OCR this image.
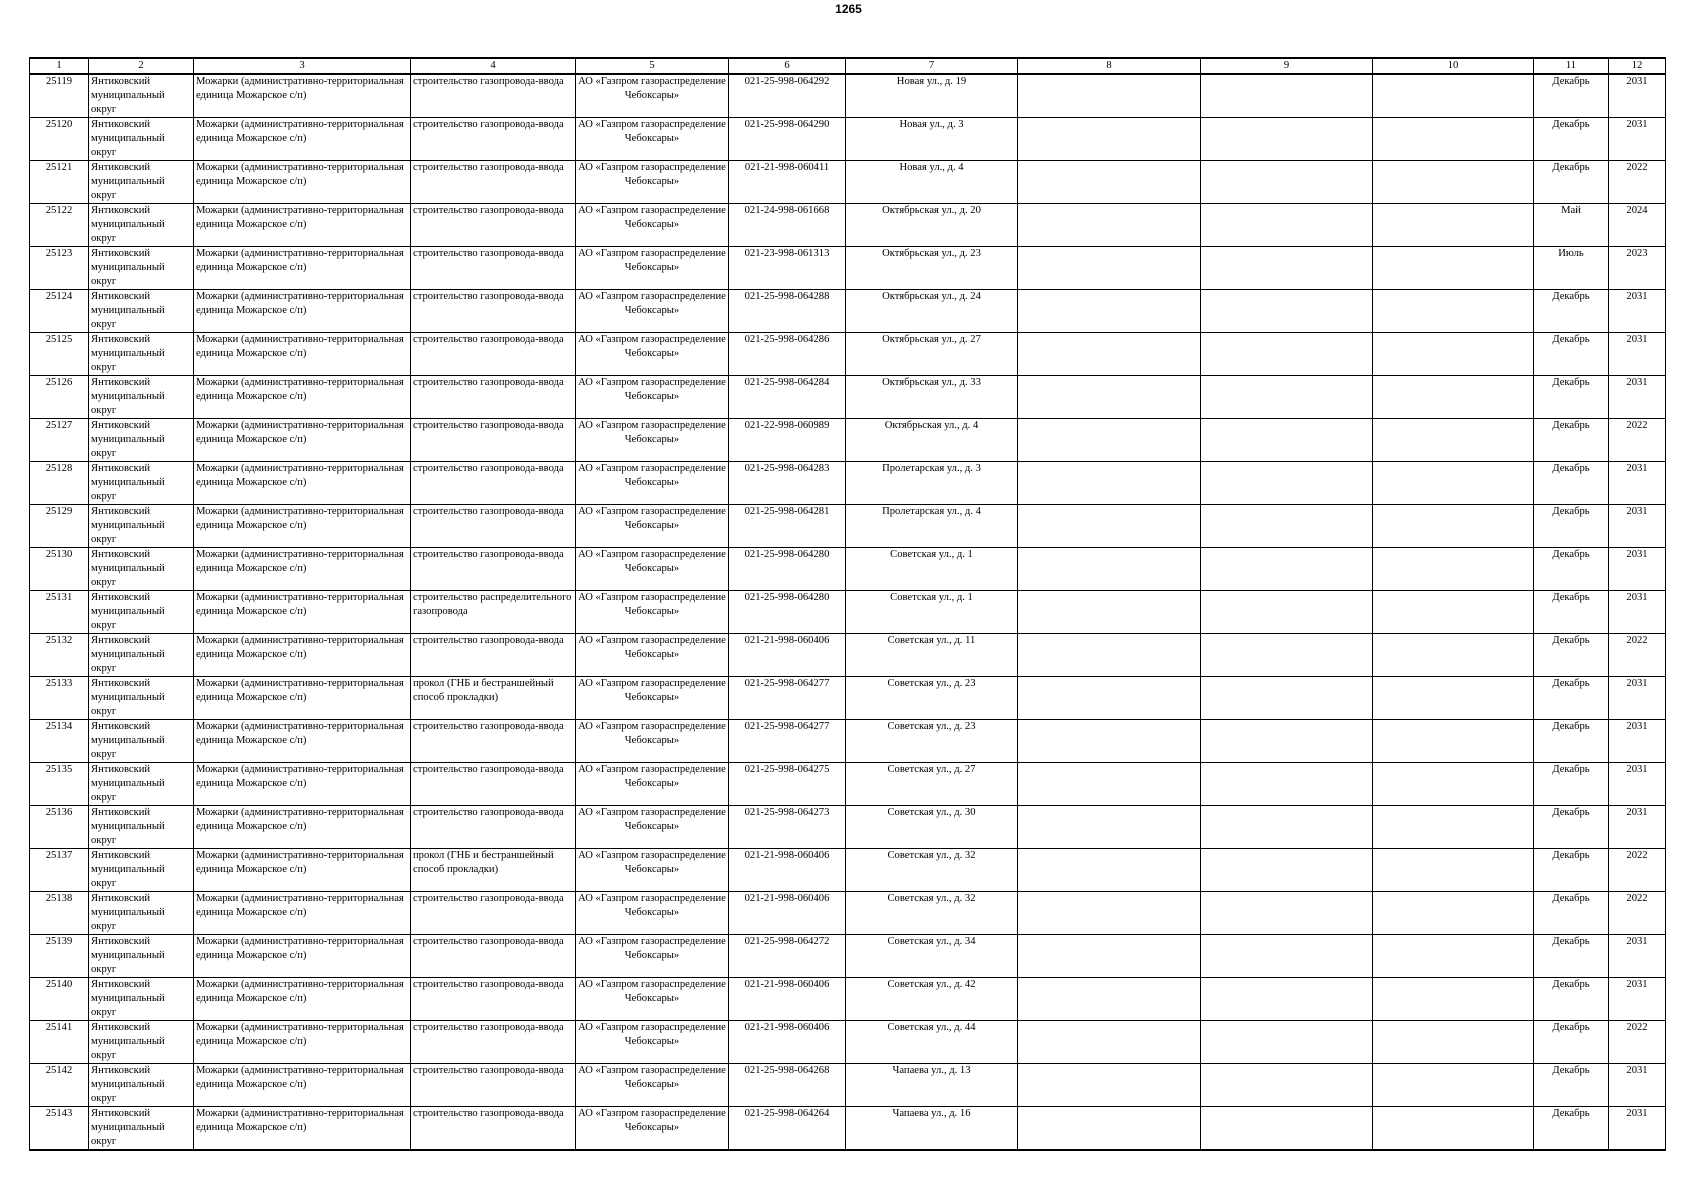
1265
1	2	3	4	5	6	7	8	9	10	11	12
25119	Янтиковский муниципальный округ	Можарки (административно-территориальная единица Можарское с/п)	строительство газопровода-ввода	АО «Газпром газораспределение Чебоксары»	021-25-998-064292	Новая ул., д. 19				Декабрь	2031
25120	Янтиковский муниципальный округ	Можарки (административно-территориальная единица Можарское с/п)	строительство газопровода-ввода	АО «Газпром газораспределение Чебоксары»	021-25-998-064290	Новая ул., д. 3				Декабрь	2031
25121	Янтиковский муниципальный округ	Можарки (административно-территориальная единица Можарское с/п)	строительство газопровода-ввода	АО «Газпром газораспределение Чебоксары»	021-21-998-060411	Новая ул., д. 4				Декабрь	2022
25122	Янтиковский муниципальный округ	Можарки (административно-территориальная единица Можарское с/п)	строительство газопровода-ввода	АО «Газпром газораспределение Чебоксары»	021-24-998-061668	Октябрьская ул., д. 20				Май	2024
25123	Янтиковский муниципальный округ	Можарки (административно-территориальная единица Можарское с/п)	строительство газопровода-ввода	АО «Газпром газораспределение Чебоксары»	021-23-998-061313	Октябрьская ул., д. 23				Июль	2023
25124	Янтиковский муниципальный округ	Можарки (административно-территориальная единица Можарское с/п)	строительство газопровода-ввода	АО «Газпром газораспределение Чебоксары»	021-25-998-064288	Октябрьская ул., д. 24				Декабрь	2031
25125	Янтиковский муниципальный округ	Можарки (административно-территориальная единица Можарское с/п)	строительство газопровода-ввода	АО «Газпром газораспределение Чебоксары»	021-25-998-064286	Октябрьская ул., д. 27				Декабрь	2031
25126	Янтиковский муниципальный округ	Можарки (административно-территориальная единица Можарское с/п)	строительство газопровода-ввода	АО «Газпром газораспределение Чебоксары»	021-25-998-064284	Октябрьская ул., д. 33				Декабрь	2031
25127	Янтиковский муниципальный округ	Можарки (административно-территориальная единица Можарское с/п)	строительство газопровода-ввода	АО «Газпром газораспределение Чебоксары»	021-22-998-060989	Октябрьская ул., д. 4				Декабрь	2022
25128	Янтиковский муниципальный округ	Можарки (административно-территориальная единица Можарское с/п)	строительство газопровода-ввода	АО «Газпром газораспределение Чебоксары»	021-25-998-064283	Пролетарская ул., д. 3				Декабрь	2031
25129	Янтиковский муниципальный округ	Можарки (административно-территориальная единица Можарское с/п)	строительство газопровода-ввода	АО «Газпром газораспределение Чебоксары»	021-25-998-064281	Пролетарская ул., д. 4				Декабрь	2031
25130	Янтиковский муниципальный округ	Можарки (административно-территориальная единица Можарское с/п)	строительство газопровода-ввода	АО «Газпром газораспределение Чебоксары»	021-25-998-064280	Советская ул., д. 1				Декабрь	2031
25131	Янтиковский муниципальный округ	Можарки (административно-территориальная единица Можарское с/п)	строительство распределительного газопровода	АО «Газпром газораспределение Чебоксары»	021-25-998-064280	Советская ул., д. 1				Декабрь	2031
25132	Янтиковский муниципальный округ	Можарки (административно-территориальная единица Можарское с/п)	строительство газопровода-ввода	АО «Газпром газораспределение Чебоксары»	021-21-998-060406	Советская ул., д. 11				Декабрь	2022
25133	Янтиковский муниципальный округ	Можарки (административно-территориальная единица Можарское с/п)	прокол (ГНБ и бестраншейный способ прокладки)	АО «Газпром газораспределение Чебоксары»	021-25-998-064277	Советская ул., д. 23				Декабрь	2031
25134	Янтиковский муниципальный округ	Можарки (административно-территориальная единица Можарское с/п)	строительство газопровода-ввода	АО «Газпром газораспределение Чебоксары»	021-25-998-064277	Советская ул., д. 23				Декабрь	2031
25135	Янтиковский муниципальный округ	Можарки (административно-территориальная единица Можарское с/п)	строительство газопровода-ввода	АО «Газпром газораспределение Чебоксары»	021-25-998-064275	Советская ул., д. 27				Декабрь	2031
25136	Янтиковский муниципальный округ	Можарки (административно-территориальная единица Можарское с/п)	строительство газопровода-ввода	АО «Газпром газораспределение Чебоксары»	021-25-998-064273	Советская ул., д. 30				Декабрь	2031
25137	Янтиковский муниципальный округ	Можарки (административно-территориальная единица Можарское с/п)	прокол (ГНБ и бестраншейный способ прокладки)	АО «Газпром газораспределение Чебоксары»	021-21-998-060406	Советская ул., д. 32				Декабрь	2022
25138	Янтиковский муниципальный округ	Можарки (административно-территориальная единица Можарское с/п)	строительство газопровода-ввода	АО «Газпром газораспределение Чебоксары»	021-21-998-060406	Советская ул., д. 32				Декабрь	2022
25139	Янтиковский муниципальный округ	Можарки (административно-территориальная единица Можарское с/п)	строительство газопровода-ввода	АО «Газпром газораспределение Чебоксары»	021-25-998-064272	Советская ул., д. 34				Декабрь	2031
25140	Янтиковский муниципальный округ	Можарки (административно-территориальная единица Можарское с/п)	строительство газопровода-ввода	АО «Газпром газораспределение Чебоксары»	021-21-998-060406	Советская ул., д. 42				Декабрь	2031
25141	Янтиковский муниципальный округ	Можарки (административно-территориальная единица Можарское с/п)	строительство газопровода-ввода	АО «Газпром газораспределение Чебоксары»	021-21-998-060406	Советская ул., д. 44				Декабрь	2022
25142	Янтиковский муниципальный округ	Можарки (административно-территориальная единица Можарское с/п)	строительство газопровода-ввода	АО «Газпром газораспределение Чебоксары»	021-25-998-064268	Чапаева ул., д. 13				Декабрь	2031
25143	Янтиковский муниципальный округ	Можарки (административно-территориальная единица Можарское с/п)	строительство газопровода-ввода	АО «Газпром газораспределение Чебоксары»	021-25-998-064264	Чапаева ул., д. 16				Декабрь	2031
